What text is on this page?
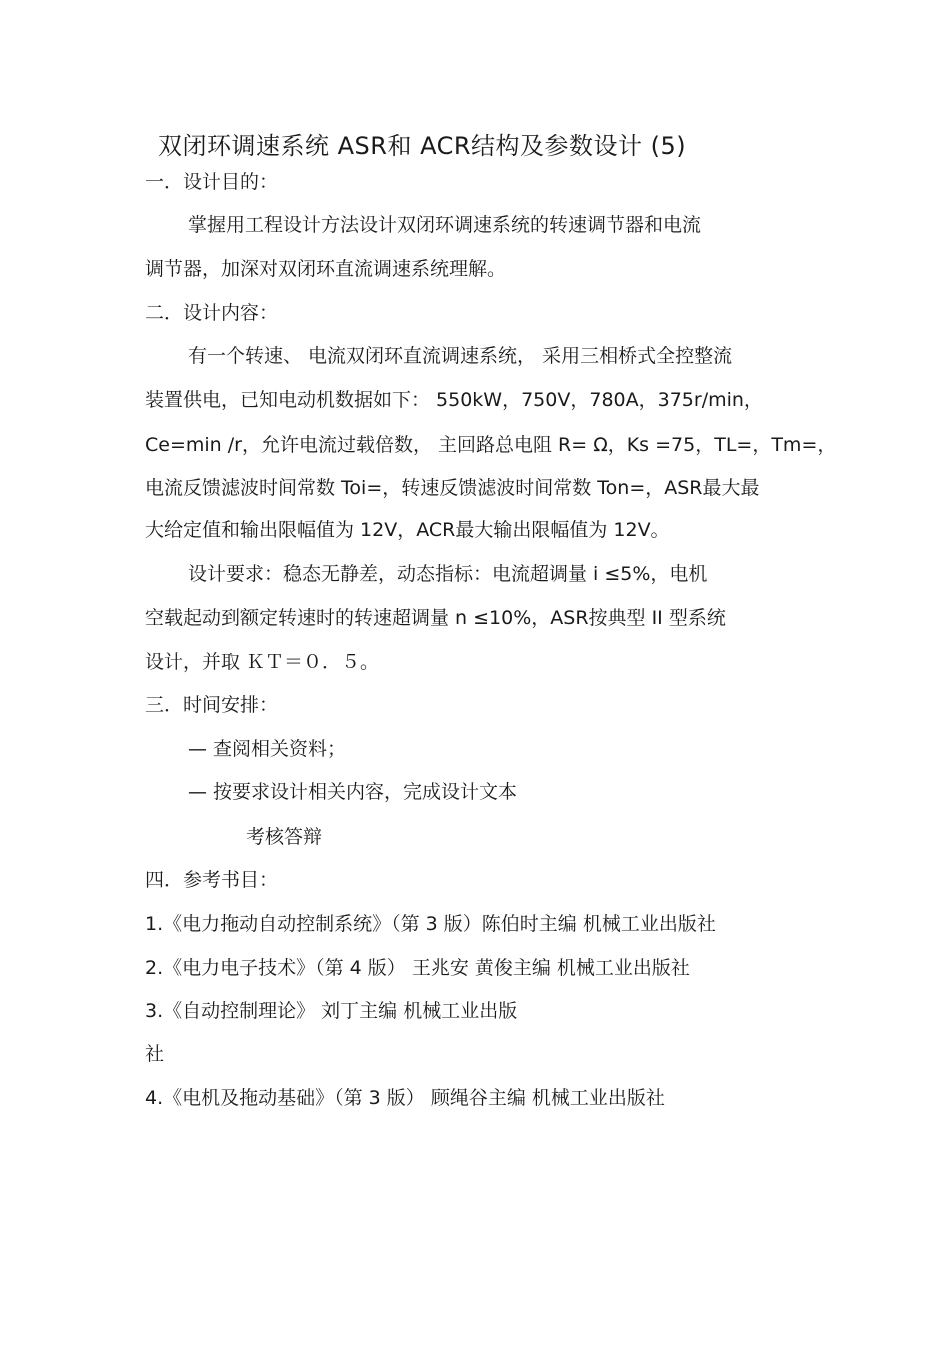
双闭环调速系统 ASR和 ACR结构及参数设计 (5)
一．设计目的：
掌握用工程设计方法设计双闭环调速系统的转速调节器和电流
调节器，加深对双闭环直流调速系统理解。
二．设计内容：
有一个转速、 电流双闭环直流调速系统， 采用三相桥式全控整流
装置供电，已知电动机数据如下： 550kW，750V，780A，375r/min，
Ce=min /r，允许电流过载倍数， 主回路总电阻 R= Ω，Ks =75，TL=，Tm=，
电流反馈滤波时间常数 Toi=，转速反馈滤波时间常数 Ton=，ASR最大最
大给定值和输出限幅值为 12V，ACR最大输出限幅值为 12V。
设计要求：稳态无静差，动态指标：电流超调量 i ≤5%，电机
空载起动到额定转速时的转速超调量 n ≤10%，ASR按典型 II 型系统
设计，并取 ＫＴ＝０．５。
三．时间安排：
— 查阅相关资料；
— 按要求设计相关内容，完成设计文本
考核答辩
四．参考书目：
1.《电力拖动自动控制系统》（第 3 版）陈伯时主编 机械工业出版社
2.《电力电子技术》（第 4 版） 王兆安 黄俊主编 机械工业出版社
3.《自动控制理论》 刘丁主编 机械工业出版
社
4.《电机及拖动基础》（第 3 版） 顾绳谷主编 机械工业出版社
